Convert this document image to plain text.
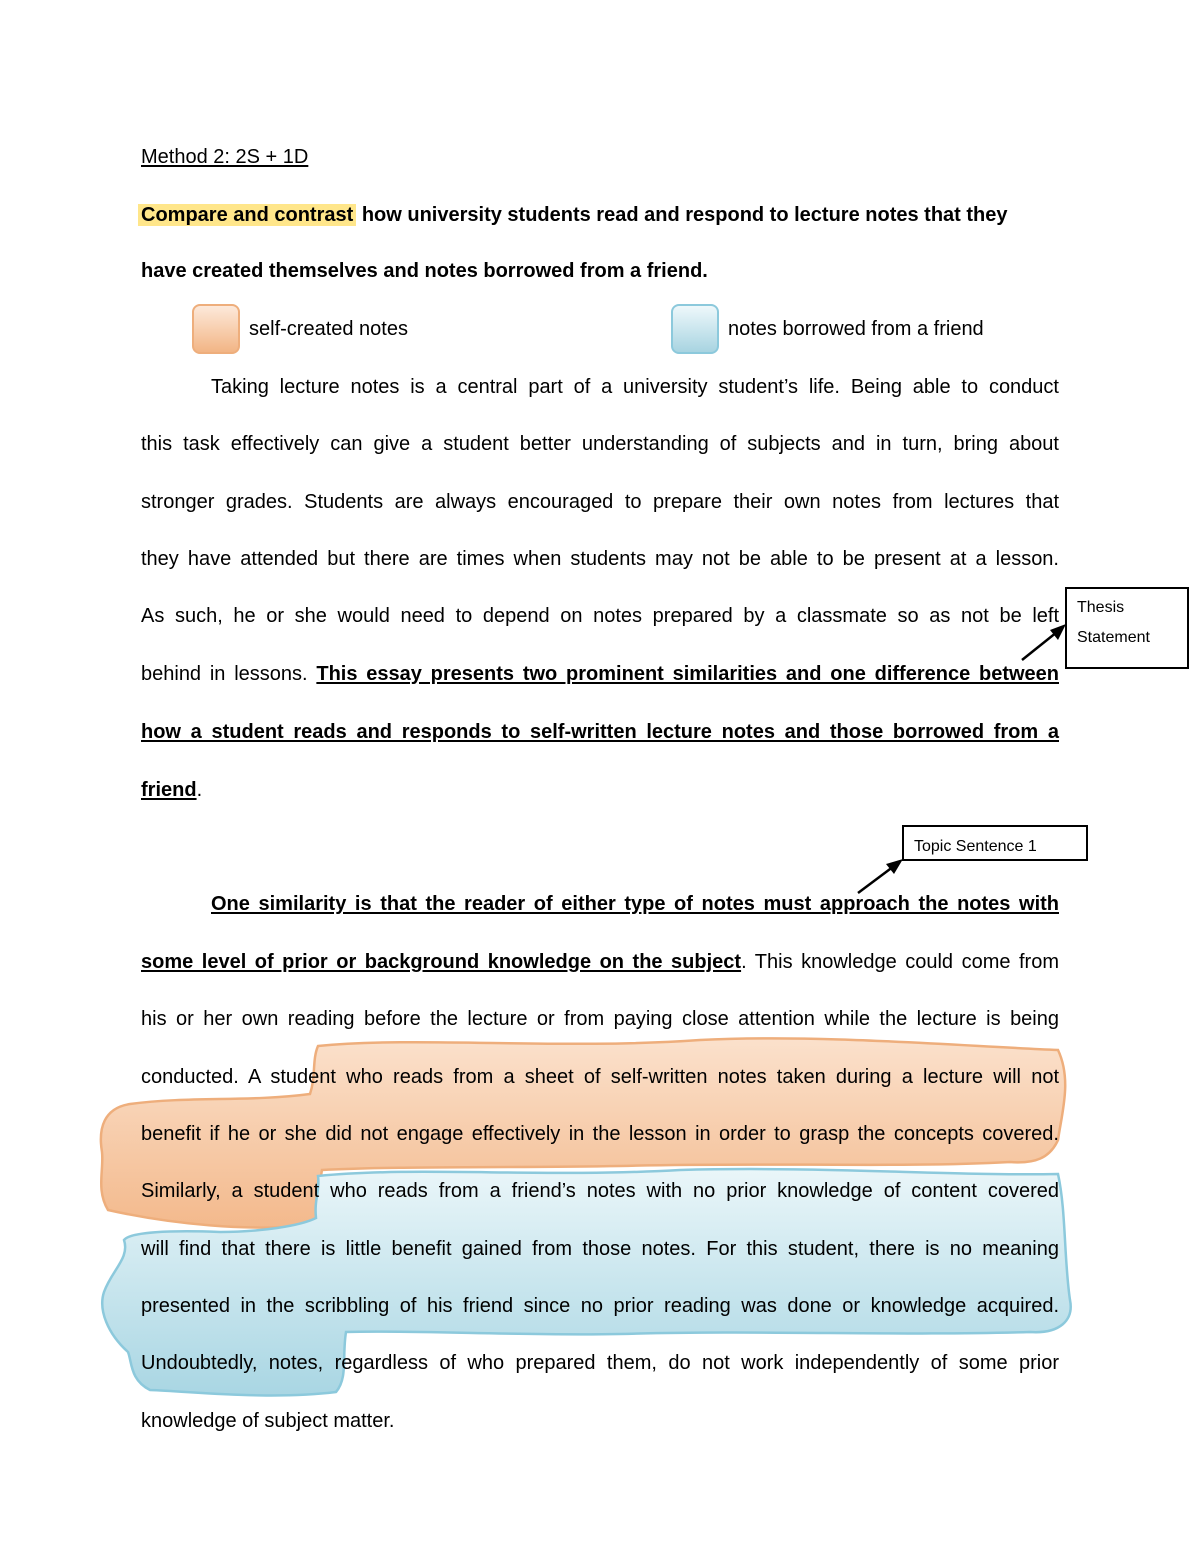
Method 2: 2S + 1D
Compare and contrast how university students read and respond to lecture notes that they
have created themselves and notes borrowed from a friend.
self-created notes	notes borrowed from a friend
Taking lecture notes is a central part of a university student’s life. Being able to conduct
this task effectively can give a student better understanding of subjects and in turn, bring about
stronger grades. Students are always encouraged to prepare their own notes from lectures that
they have attended but there are times when students may not be able to be present at a lesson.
As such, he or she would need to depend on notes prepared by a classmate so as not be left
behind in lessons. This essay presents two prominent similarities and one difference between
how a student reads and responds to self-written lecture notes and those borrowed from a
friend.
Thesis
Statement
Topic Sentence 1
One similarity is that the reader of either type of notes must approach the notes with
some level of prior or background knowledge on the subject. This knowledge could come from
his or her own reading before the lecture or from paying close attention while the lecture is being
conducted. A student who reads from a sheet of self-written notes taken during a lecture will not
benefit if he or she did not engage effectively in the lesson in order to grasp the concepts covered.
Similarly, a student who reads from a friend’s notes with no prior knowledge of content covered
will find that there is little benefit gained from those notes. For this student, there is no meaning
presented in the scribbling of his friend since no prior reading was done or knowledge acquired.
Undoubtedly, notes, regardless of who prepared them, do not work independently of some prior
knowledge of subject matter.
